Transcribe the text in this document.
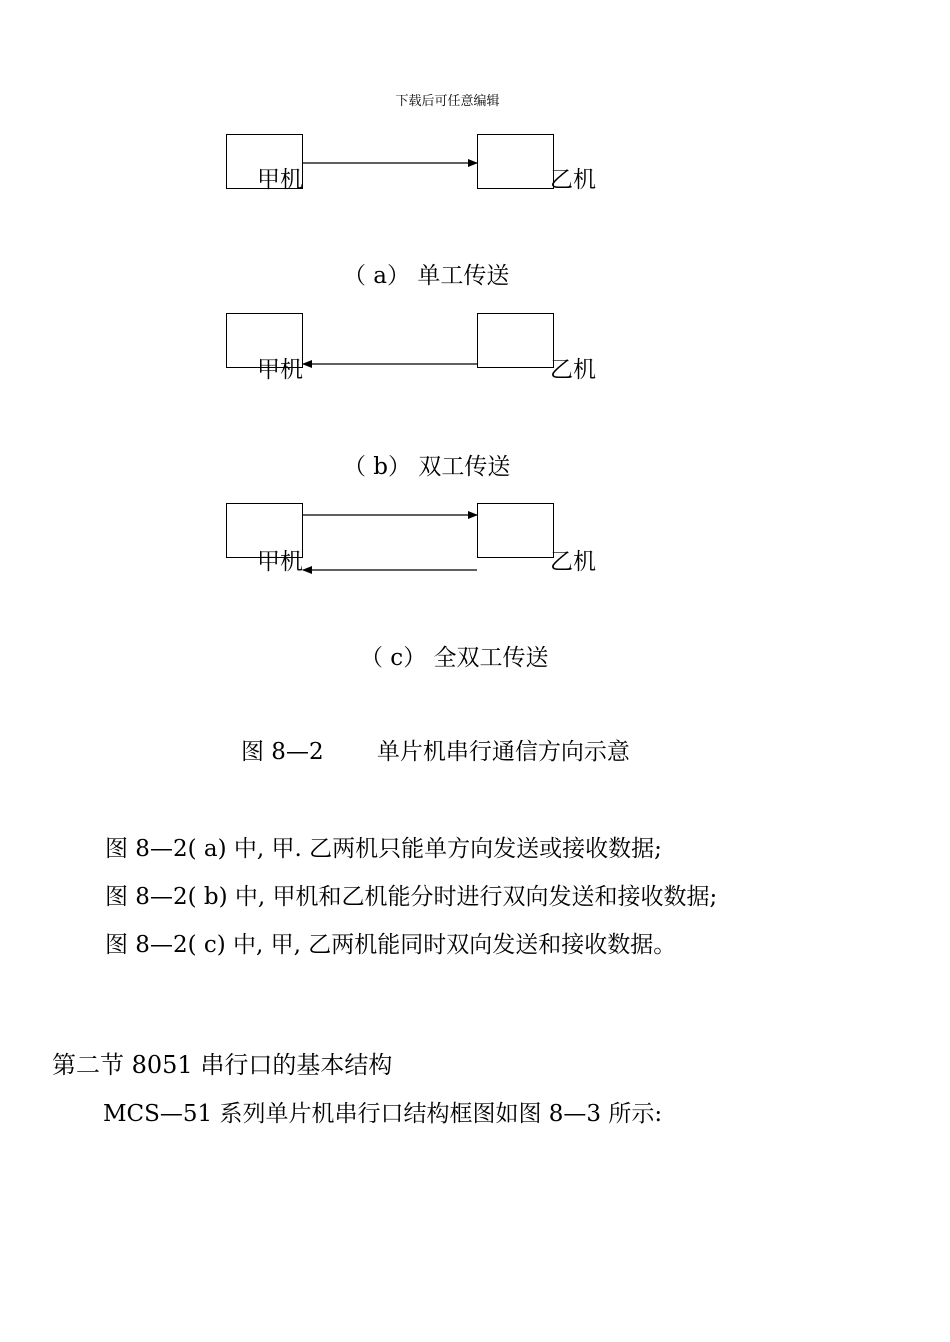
下载后可任意编辑
甲机	乙机
（ a） 单工传送
甲机	乙机
（ b） 双工传送
甲机	乙机
（ c） 全双工传送
图 8—2　　 单片机串行通信方向示意
图 8—2( a) 中, 甲. 乙两机只能单方向发送或接收数据;
图 8—2( b) 中, 甲机和乙机能分时进行双向发送和接收数据;
图 8—2( c) 中, 甲, 乙两机能同时双向发送和接收数据。
第二节 8051 串行口的基本结构
MCS—51 系列单片机串行口结构框图如图 8—3 所示:
